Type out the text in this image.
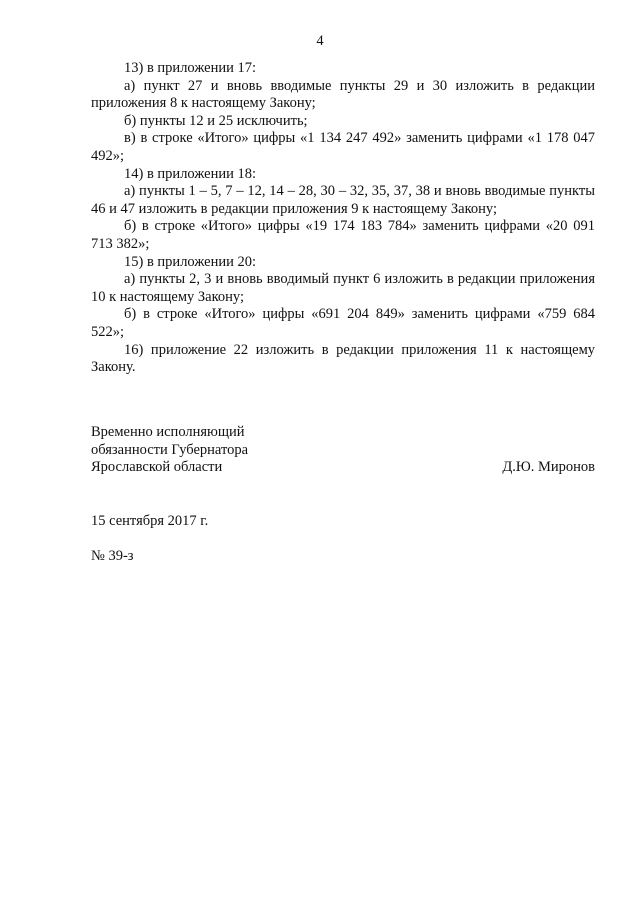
4

13) в приложении 17:

а) пункт 27 и вновь вводимые пункты 29 и 30 изложить в редакции приложения 8 к настоящему Закону;

б) пункты 12 и 25 исключить;

в) в строке «Итого» цифры «1 134 247 492» заменить цифрами «1 178 047 492»;

14) в приложении 18:

а) пункты 1 – 5, 7 – 12, 14 – 28, 30 – 32, 35, 37, 38 и вновь вводимые пункты 46 и 47 изложить в редакции приложения 9 к настоящему Закону;

б) в строке «Итого» цифры «19 174 183 784» заменить цифрами «20 091 713 382»;

15) в приложении 20:

а) пункты 2, 3 и вновь вводимый пункт 6 изложить в редакции приложения 10 к настоящему Закону;

б) в строке «Итого» цифры «691 204 849» заменить цифрами «759 684 522»;

16) приложение 22 изложить в редакции приложения 11 к настоящему Закону.

Временно исполняющий
обязанности Губернатора
Ярославской области	Д.Ю. Миронов
15 сентября 2017 г.
№ 39-з
